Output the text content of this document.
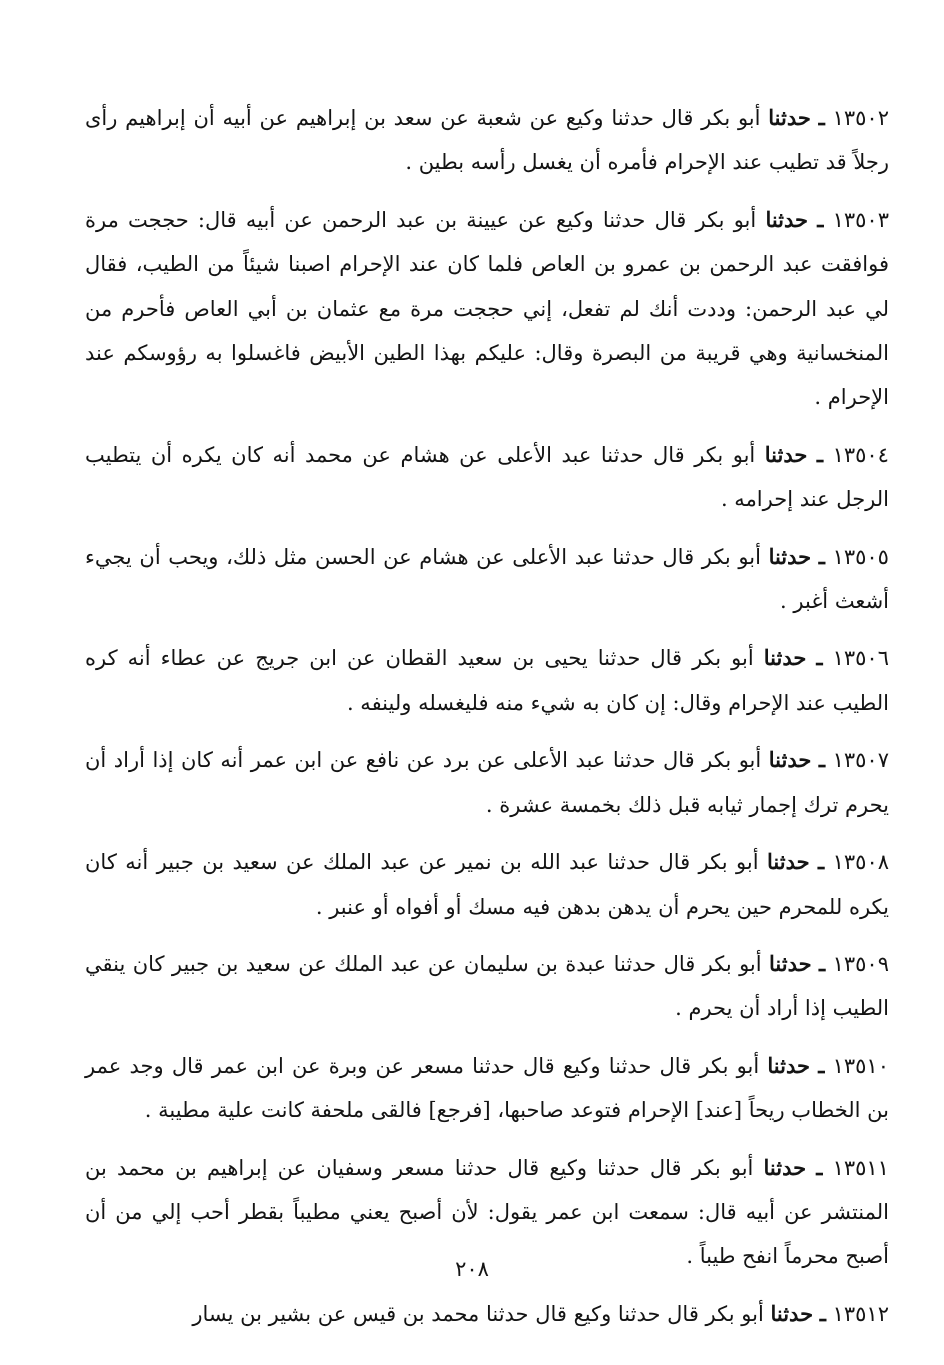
١٣٥٠٢ ـ حدثنا أبو بكر قال حدثنا وكيع عن شعبة عن سعد بن إبراهيم عن أبيه أن إبراهيم رأى رجلاً قد تطيب عند الإحرام فأمره أن يغسل رأسه بطين .

١٣٥٠٣ ـ حدثنا أبو بكر قال حدثنا وكيع عن عيينة بن عبد الرحمن عن أبيه قال: حججت مرة فوافقت عبد الرحمن بن عمرو بن العاص فلما كان عند الإحرام اصبنا شيئاً من الطيب، فقال لي عبد الرحمن: وددت أنك لم تفعل، إني حججت مرة مع عثمان بن أبي العاص فأحرم من المنخسانية وهي قريبة من البصرة وقال: عليكم بهذا الطين الأبيض فاغسلوا به رؤوسكم عند الإحرام .

١٣٥٠٤ ـ حدثنا أبو بكر قال حدثنا عبد الأعلى عن هشام عن محمد أنه كان يكره أن يتطيب الرجل عند إحرامه .

١٣٥٠٥ ـ حدثنا أبو بكر قال حدثنا عبد الأعلى عن هشام عن الحسن مثل ذلك، ويحب أن يجيء أشعث أغبر .

١٣٥٠٦ ـ حدثنا أبو بكر قال حدثنا يحيى بن سعيد القطان عن ابن جريج عن عطاء أنه كره الطيب عند الإحرام وقال: إن كان به شيء منه فليغسله ولينفه .

١٣٥٠٧ ـ حدثنا أبو بكر قال حدثنا عبد الأعلى عن برد عن نافع عن ابن عمر أنه كان إذا أراد أن يحرم ترك إجمار ثيابه قبل ذلك بخمسة عشرة .

١٣٥٠٨ ـ حدثنا أبو بكر قال حدثنا عبد الله بن نمير عن عبد الملك عن سعيد بن جبير أنه كان يكره للمحرم حين يحرم أن يدهن بدهن فيه مسك أو أفواه أو عنبر .

١٣٥٠٩ ـ حدثنا أبو بكر قال حدثنا عبدة بن سليمان عن عبد الملك عن سعيد بن جبير كان ينقي الطيب إذا أراد أن يحرم .

١٣٥١٠ ـ حدثنا أبو بكر قال حدثنا وكيع قال حدثنا مسعر عن وبرة عن ابن عمر قال وجد عمر بن الخطاب ريحاً [عند] الإحرام فتوعد صاحبها، [فرجع] فالقى ملحفة كانت علية مطيبة .

١٣٥١١ ـ حدثنا أبو بكر قال حدثنا وكيع قال حدثنا مسعر وسفيان عن إبراهيم بن محمد بن المنتشر عن أبيه قال: سمعت ابن عمر يقول: لأن أصبح يعني مطيباً بقطر أحب إلي من أن أصبح محرماً انفح طيباً .

١٣٥١٢ ـ حدثنا أبو بكر قال حدثنا وكيع قال حدثنا محمد بن قيس عن بشير بن يسار

٢٠٨
